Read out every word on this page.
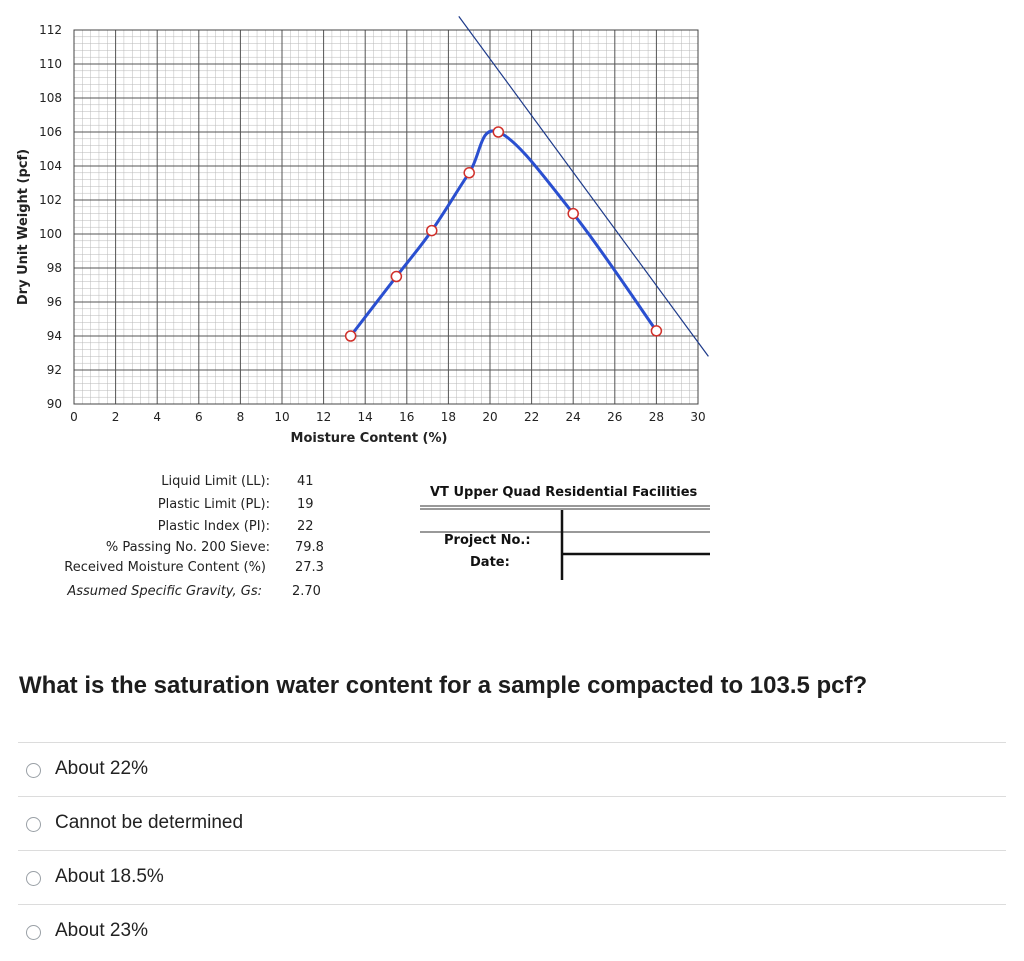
0	2	4	6	8	10 12 14 16 18 20 22 24 26 28 30
90
92
94
96
98
100
102
104
106
108
110
112
Moisture Content (%)
Dry Unit Weight (pcf)
Liquid Limit (LL): 41
Plastic Limit (PL): 19
Plastic Index (PI): 22
% Passing No. 200 Sieve: 79.8
Received Moisture Content (%) 27.3
Assumed Specific Gravity, Gs: 2.70
VT Upper Quad Residential Facilities
Project No.:
Date:
What is the saturation water content for a sample compacted to 103.5 pcf?
About 22%
Cannot be determined
About 18.5%
About 23%
